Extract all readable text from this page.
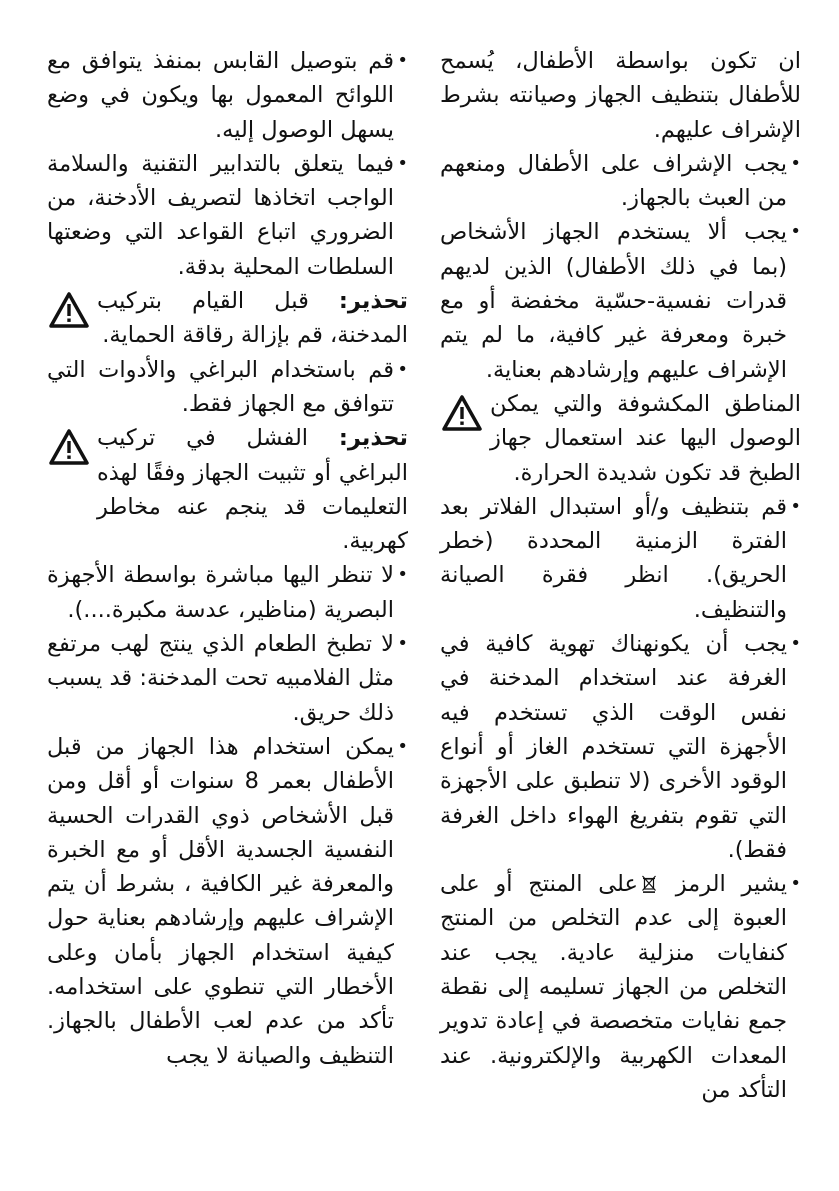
ان تكون بواسطة الأطفال، يُسمح للأطفال بتنظيف الجهاز وصيانته بشرط الإشراف عليهم.

•
يجب الإشراف على الأطفال ومنعهم من العبث بالجهاز.

•
يجب ألا يستخدم الجهاز الأشخاص (بما في ذلك الأطفال) الذين لديهم قدرات نفسية-حسّية مخفضة أو مع خبرة ومعرفة غير كافية، ما لم يتم الإشراف عليهم وإرشادهم بعناية.

المناطق المكشوفة والتي يمكن الوصول اليها عند استعمال جهاز الطبخ قد تكون شديدة الحرارة.

•
قم بتنظيف و/أو استبدال الفلاتر بعد الفترة الزمنية المحددة (خطر الحريق). انظر فقرة الصيانة والتنظيف.

•
يجب أن يكونهناك تهوية كافية في الغرفة عند استخدام المدخنة في نفس الوقت الذي تستخدم فيه الأجهزة التي تستخدم الغاز أو أنواع الوقود الأخرى (لا تنطبق على الأجهزة التي تقوم بتفريغ الهواء داخل الغرفة فقط).

•
يشير الرمز على المنتج أو على العبوة إلى عدم التخلص من المنتج كنفايات منزلية عادية. يجب عند التخلص من الجهاز تسليمه إلى نقطة جمع نفايات متخصصة في إعادة تدوير المعدات الكهربية والإلكترونية. عند التأكد من

•
قم بتوصيل القابس بمنفذ يتوافق مع اللوائح المعمول بها ويكون في وضع يسهل الوصول إليه.

•
فيما يتعلق بالتدابير التقنية والسلامة الواجب اتخاذها لتصريف الأدخنة، من الضروري اتباع القواعد التي وضعتها السلطات المحلية بدقة.

تحذير: قبل القيام بتركيب المدخنة، قم بإزالة رقاقة الحماية.

•
قم باستخدام البراغي والأدوات التي تتوافق مع الجهاز فقط.

تحذير: الفشل في تركيب البراغي أو تثبيت الجهاز وفقًا لهذه التعليمات قد ينجم عنه مخاطر كهربية.

•
لا تنظر اليها مباشرة بواسطة الأجهزة البصرية (مناظير، عدسة مكبرة....).

•
لا تطبخ الطعام الذي ينتج لهب مرتفع مثل الفلامبيه تحت المدخنة: قد يسبب ذلك حريق.

•
يمكن استخدام هذا الجهاز من قبل الأطفال بعمر 8 سنوات أو أقل ومن قبل الأشخاص ذوي القدرات الحسية النفسية الجسدية الأقل أو مع الخبرة والمعرفة غير الكافية ، بشرط أن يتم الإشراف عليهم وإرشادهم بعناية حول كيفية استخدام الجهاز بأمان وعلى الأخطار التي تنطوي على استخدامه. تأكد من عدم لعب الأطفال بالجهاز. التنظيف والصيانة لا يجب
